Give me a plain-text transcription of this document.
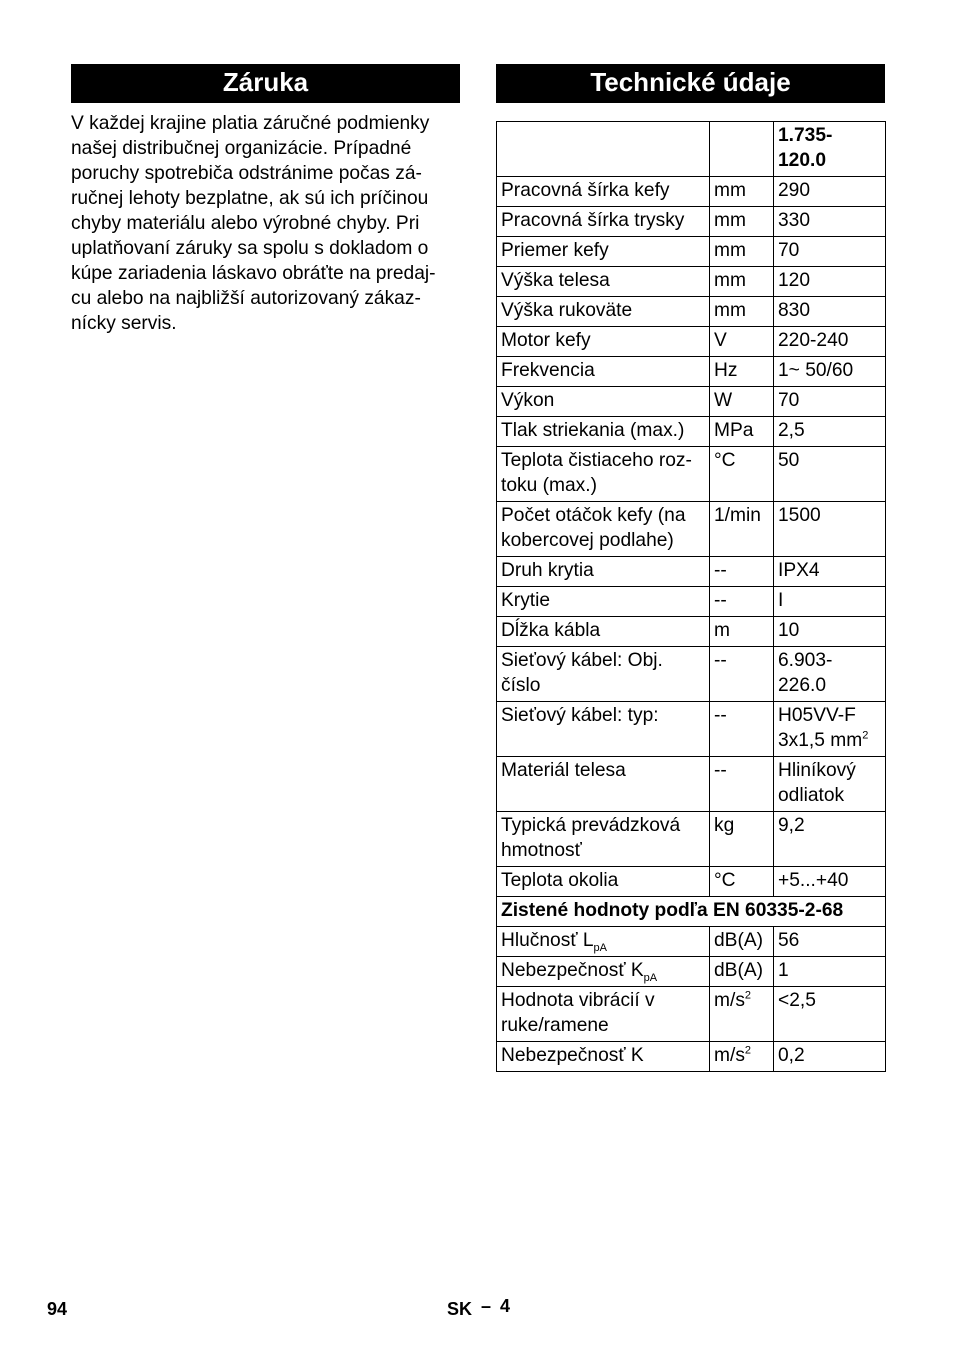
Záruka
V každej krajine platia záručné podmienky
našej distribučnej organizácie. Prípadné
poruchy spotrebiča odstránime počas zá-
ručnej lehoty bezplatne, ak sú ich príčinou
chyby materiálu alebo výrobné chyby. Pri
uplatňovaní záruky sa spolu s dokladom o
kúpe zariadenia láskavo obráťte na predaj-
cu alebo na najbližší autorizovaný zákaz-
nícky servis.
Technické údaje

		1.735-
120.0

Pracovná šírka kefy	mm	290

Pracovná šírka trysky	mm	330

Priemer kefy	mm	70

Výška telesa	mm	120

Výška rukoväte	mm	830

Motor kefy	V	220-240

Frekvencia	Hz	1~ 50/60

Výkon	W	70

Tlak striekania (max.)	MPa	2,5

Teplota čistiaceho roz-
toku (max.)	°C	50

Počet otáčok kefy (na
kobercovej podlahe)	1/min	1500

Druh krytia	--	IPX4

Krytie	--	I

Dĺžka kábla	m	10

Sieťový kábel: Obj.
číslo	--	6.903-
226.0

Sieťový kábel: typ:	--	H05VV-F
3x1,5 $mm^2$

Materiál telesa	--	Hliníkový
odliatok

Typická prevádzková
hmotnosť	kg	9,2

Teplota okolia	°C	+5...+40

Zistené hodnoty podľa EN 60335-2-68		

Hlučnosť $L_{pA}$	dB(A)	56

Nebezpečnosť $K_{pA}$	dB(A)	1

Hodnota vibrácií v
ruke/ramene	$m/s^2$	<2,5

Nebezpečnosť K	$m/s^2$	0,2
94	SK – 4
